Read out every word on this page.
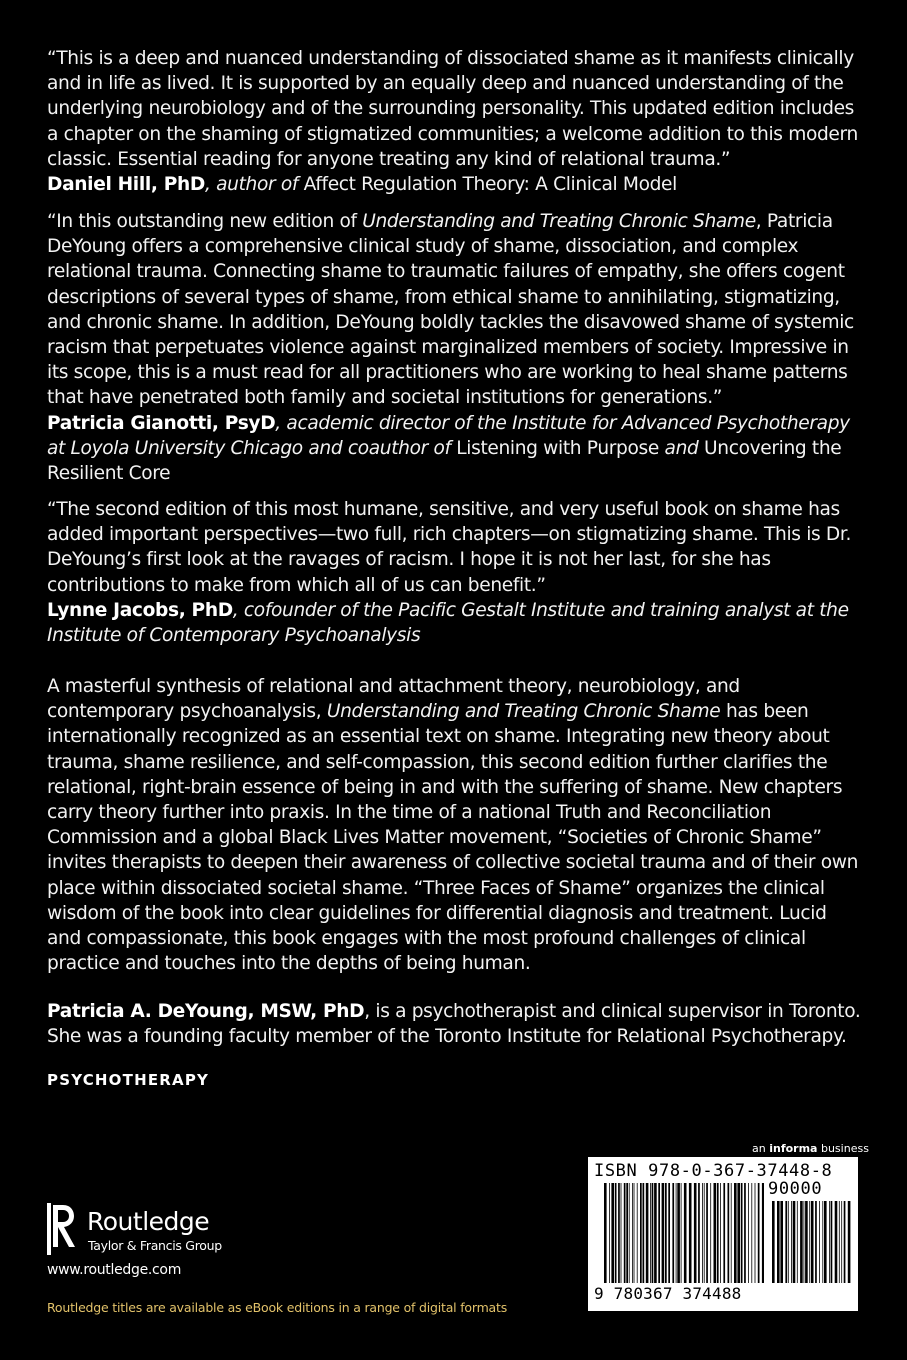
“This is a deep and nuanced understanding of dissociated shame as it manifests clinically and in life as lived. It is supported by an equally deep and nuanced understanding of the underlying neurobiology and of the surrounding personality. This updated edition includes a chapter on the shaming of stigmatized communities; a welcome addition to this modern classic. Essential reading for anyone treating any kind of relational trauma.”

Daniel Hill, PhD, author of Affect Regulation Theory: A Clinical Model

“In this outstanding new edition of Understanding and Treating Chronic Shame, Patricia DeYoung offers a comprehensive clinical study of shame, dissociation, and complex relational trauma. Connecting shame to traumatic failures of empathy, she offers cogent descriptions of several types of shame, from ethical shame to annihilating, stigmatizing, and chronic shame. In addition, DeYoung boldly tackles the disavowed shame of systemic racism that perpetuates violence against marginalized members of society. Impressive in its scope, this is a must read for all practitioners who are working to heal shame patterns that have penetrated both family and societal institutions for generations.”

Patricia Gianotti, PsyD, academic director of the Institute for Advanced Psychotherapy at Loyola University Chicago and coauthor of Listening with Purpose and Uncovering the Resilient Core

“The second edition of this most humane, sensitive, and very useful book on shame has added important perspectives—two full, rich chapters—on stigmatizing shame. This is Dr. DeYoung’s first look at the ravages of racism. I hope it is not her last, for she has contributions to make from which all of us can benefit.”

Lynne Jacobs, PhD, cofounder of the Pacific Gestalt Institute and training analyst at the Institute of Contemporary Psychoanalysis

A masterful synthesis of relational and attachment theory, neurobiology, and contemporary psychoanalysis, Understanding and Treating Chronic Shame has been internationally recognized as an essential text on shame. Integrating new theory about trauma, shame resilience, and self-compassion, this second edition further clarifies the relational, right-brain essence of being in and with the suffering of shame. New chapters carry theory further into praxis. In the time of a national Truth and Reconciliation Commission and a global Black Lives Matter movement, “Societies of Chronic Shame” invites therapists to deepen their awareness of collective societal trauma and of their own place within dissociated societal shame. “Three Faces of Shame” organizes the clinical wisdom of the book into clear guidelines for differential diagnosis and treatment. Lucid and compassionate, this book engages with the most profound challenges of clinical practice and touches into the depths of being human.

Patricia A. DeYoung, MSW, PhD, is a psychotherapist and clinical supervisor in Toronto. She was a founding faculty member of the Toronto Institute for Relational Psychotherapy.

PSYCHOTHERAPY
Routledge
Taylor & Francis Group
www.routledge.com
Routledge titles are available as eBook editions in a range of digital formats
an informa business
ISBN 978-0-367-37448-8
90000
9 780367 374488
